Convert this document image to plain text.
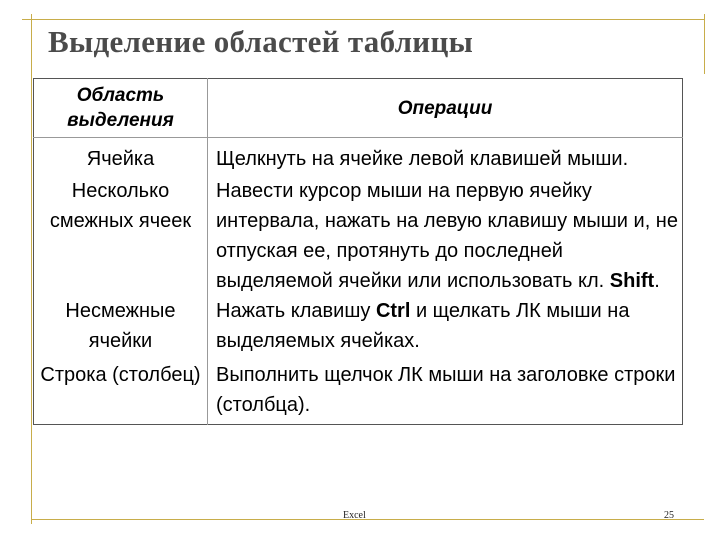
Выделение областей таблицы
Область выделения	Операции
Ячейка	Щелкнуть на ячейке левой клавишей мыши.
Несколько смежных ячеек	Навести курсор мыши на первую ячейку интервала, нажать на левую клавишу мыши и, не отпуская ее, протянуть до последней выделяемой ячейки или использовать кл. Shift.
Несмежные ячейки	Нажать клавишу Ctrl и щелкать ЛК мыши на выделяемых ячейках.
Строка (столбец)	Выполнить щелчок ЛК мыши на заголовке строки (столбца).
Excel	25
